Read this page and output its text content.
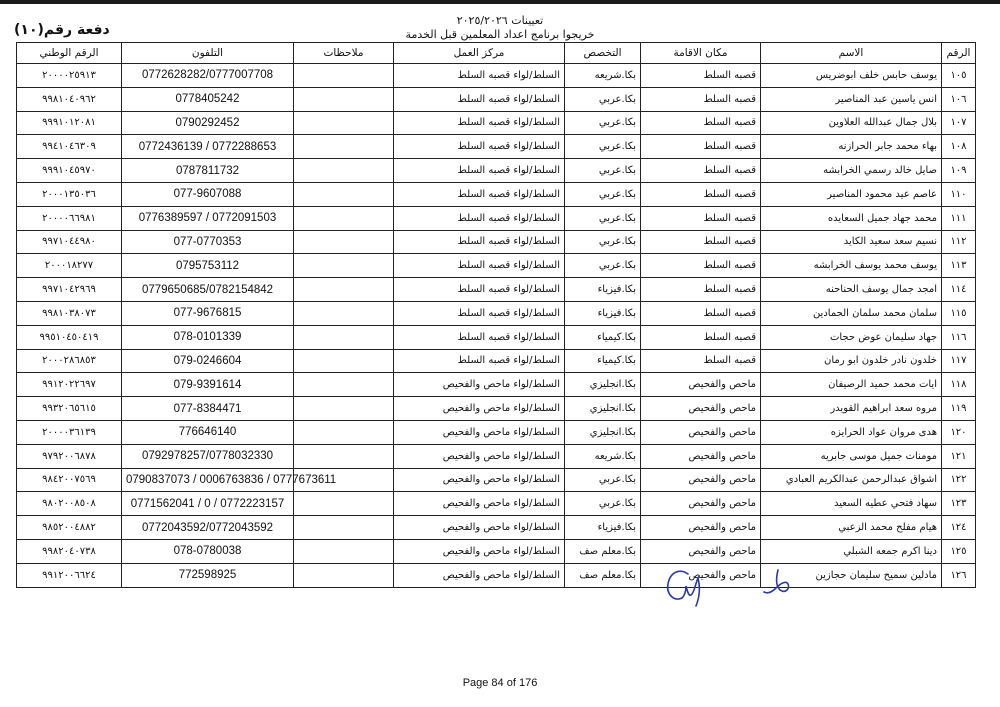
تعيينات ٢٠٢٥/٢٠٢٦
خريجوا برنامج اعداد المعلمين قبل الخدمة
دفعة رقم(١٠)
الرقم	الاسم	مكان الاقامة	التخصص	مركز العمل	ملاحظات	التلفون	الرقم الوطني
١٠٥	يوسف حابس خلف ابوضريس	قصبه السلط	بكا.شريعه	السلط/لواء قصبه السلط		0772628282/0777007708	٢٠٠٠٠٢٥٩١٣
١٠٦	انس ياسين عبد المناصير	قصبه السلط	بكا.عربي	السلط/لواء قصبه السلط		0778405242	٩٩٨١٠٤٠٩٦٢
١٠٧	بلال جمال عبدالله العلاوين	قصبه السلط	بكا.عربي	السلط/لواء قصبه السلط		0790292452	٩٩٩١٠١٢٠٨١
١٠٨	بهاء محمد جابر الحرازنه	قصبه السلط	بكا.عربي	السلط/لواء قصبه السلط		0772436139 / 0772288653	٩٩٤١٠٤٦٣٠٩
١٠٩	صايل خالد رسمي الخرابشه	قصبه السلط	بكا.عربي	السلط/لواء قصبه السلط		0787811732	٩٩٩١٠٤٥٩٧٠
١١٠	عاصم عيد محمود المناصير	قصبه السلط	بكا.عربي	السلط/لواء قصبه السلط		077-9607088	٢٠٠٠١٣٥٠٣٦
١١١	محمد جهاد جميل السعايده	قصبه السلط	بكا.عربي	السلط/لواء قصبه السلط		0776389597 / 0772091503	٢٠٠٠٠٦٦٩٨١
١١٢	نسيم سعد سعيد الكايد	قصبه السلط	بكا.عربي	السلط/لواء قصبه السلط		077-0770353	٩٩٧١٠٤٤٩٨٠
١١٣	يوسف محمد يوسف الخرابشه	قصبه السلط	بكا.عربي	السلط/لواء قصبه السلط		0795753112	٢٠٠٠١٨٢٧٧
١١٤	امجد جمال يوسف الحناحنه	قصبه السلط	بكا.فيزياء	السلط/لواء قصبه السلط		0779650685/0782154842	٩٩٧١٠٤٢٩٦٩
١١٥	سلمان محمد سلمان الحمادين	قصبه السلط	بكا.فيزياء	السلط/لواء قصبه السلط		077-9676815	٩٩٨١٠٣٨٠٧٣
١١٦	جهاد سليمان عوض حجات	قصبه السلط	بكا.كيمياء	السلط/لواء قصبه السلط		078-0101339	٩٩٥١٠٤٥٠٤١٩
١١٧	خلدون نادر خلدون ابو رمان	قصبه السلط	بكا.كيمياء	السلط/لواء قصبه السلط		079-0246604	٢٠٠٠٢٨٦٨٥٣
١١٨	ايات محمد حميد الرصيفان	ماحص والفحيص	بكا.انجليزي	السلط/لواء ماحص والفحيص		079-9391614	٩٩١٢٠٢٢٦٩٧
١١٩	مروه سعد ابراهيم القويدر	ماحص والفحيص	بكا.انجليزي	السلط/لواء ماحص والفحيص		077-8384471	٩٩٣٢٠٦٥٦١٥
١٢٠	هدى مروان عواد الحرايزه	ماحص والفحيص	بكا.انجليزي	السلط/لواء ماحص والفحيص		776646140	٢٠٠٠٠٣٦١٣٩
١٢١	مومنات جميل موسى جابريه	ماحص والفحيص	بكا.شريعه	السلط/لواء ماحص والفحيص		0792978257/0778032330	٩٧٩٢٠٠٦٨٧٨
١٢٢	اشواق عبدالرحمن عبدالكريم العبادي	ماحص والفحيص	بكا.عربي	السلط/لواء ماحص والفحيص		0790837073 / 0006763836 / 0777673611	٩٨٤٢٠٠٧٥٦٩
١٢٣	سهاد فتحي عطيه السعيد	ماحص والفحيص	بكا.عربي	السلط/لواء ماحص والفحيص		0771562041 / 0 / 0772223157	٩٨٠٢٠٠٨٥٠٨
١٢٤	هيام مفلح محمد الزعبي	ماحص والفحيص	بكا.فيزياء	السلط/لواء ماحص والفحيص		0772043592/0772043592	٩٨٥٢٠٠٤٨٨٢
١٢٥	دينا اكرم جمعه الشبلي	ماحص والفحيص	بكا.معلم صف	السلط/لواء ماحص والفحيص		078-0780038	٩٩٨٢٠٤٠٧٣٨
١٢٦	مادلين سميح سليمان حجازين	ماحص والفحيص	بكا.معلم صف	السلط/لواء ماحص والفحيص		772598925	٩٩١٢٠٠٦٦٢٤
Page 84 of 176
